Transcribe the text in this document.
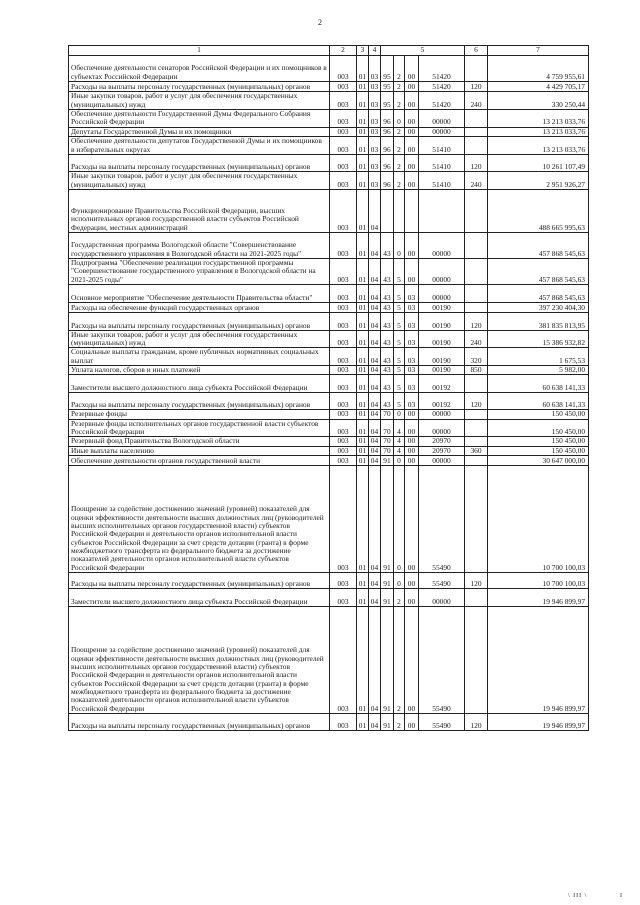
2
1	2	3	4	5				6	7
Обеспечение деятельности сенаторов Российской Федерации и их помощников в субъектах Российской Федерации	003	01	03	95	2	00	51420		4 759 955,61
Расходы на выплаты персоналу государственных (муниципальных) органов	003	01	03	95	2	00	51420	120	4 429 705,17
Иные закупки товаров, работ и услуг для обеспечения государственных (муниципальных) нужд	003	01	03	95	2	00	51420	240	330 250,44
Обеспечение деятельности Государственной Думы Федерального Собрания Российской Федерации	003	01	03	96	0	00	00000		13 213 033,76
Депутаты Государственной Думы и их помощники	003	01	03	96	2	00	00000		13 213 033,76
Обеспечение деятельности депутатов Государственной Думы и их помощников в избирательных округах	003	01	03	96	2	00	51410		13 213 033,76
Расходы на выплаты персоналу государственных (муниципальных) органов	003	01	03	96	2	00	51410	120	10 261 107,49
Иные закупки товаров, работ и услуг для обеспечения государственных (муниципальных) нужд	003	01	03	96	2	00	51410	240	2 951 926,27
Функционирование Правительства Российской Федерации, высших исполнительных органов государственной власти субъектов Российской Федерации, местных администраций	003	01	04						488 665 995,63
Государственная программа Вологодской области "Совершенствование государственного управления в Вологодской области на 2021-2025 годы"	003	01	04	43	0	00	00000		457 868 545,63
Подпрограмма "Обеспечение реализации государственной программы "Совершенствование государственного управления в Вологодской области на 2021-2025 годы"	003	01	04	43	5	00	00000		457 868 545,63
Основное мероприятие "Обеспечение деятельности Правительства области"	003	01	04	43	5	03	00000		457 868 545,63
Расходы на обеспечение функций государственных органов	003	01	04	43	5	03	00190		397 230 404,30
Расходы на выплаты персоналу государственных (муниципальных) органов	003	01	04	43	5	03	00190	120	381 835 813,95
Иные закупки товаров, работ и услуг для обеспечения государственных (муниципальных) нужд	003	01	04	43	5	03	00190	240	15 386 932,82
Социальные выплаты гражданам, кроме публичных нормативных социальных выплат	003	01	04	43	5	03	00190	320	1 675,53
Уплата налогов, сборов и иных платежей	003	01	04	43	5	03	00190	850	5 982,00
Заместители высшего должностного лица субъекта Российской Федерации	003	01	04	43	5	03	00192		60 638 141,33
Расходы на выплаты персоналу государственных (муниципальных) органов	003	01	04	43	5	03	00192	120	60 638 141,33
Резервные фонды	003	01	04	70	0	00	00000		150 450,00
Резервные фонды исполнительных органов государственной власти субъектов Российской Федерации	003	01	04	70	4	00	00000		150 450,00
Резервный фонд Правительства Вологодской области	003	01	04	70	4	00	20970		150 450,00
Иные выплаты населению	003	01	04	70	4	00	20970	360	150 450,00
Обеспечение деятельности органов государственной власти	003	01	04	91	0	00	00000		30 647 000,00
Поощрение за содействие достижению значений (уровней) показателей для оценки эффективности деятельности высших должностных лиц (руководителей высших исполнительных органов государственной власти) субъектов Российской Федерации и деятельности органов исполнительной власти субъектов Российской Федерации за счет средств дотации (гранта) в форме межбюджетного трансферта из федерального бюджета за достижение показателей деятельности органов исполнительной власти субъектов Российской Федерации	003	01	04	91	0	00	55490		10 700 100,03
Расходы на выплаты персоналу государственных (муниципальных) органов	003	01	04	91	0	00	55490	120	10 700 100,03
Заместители высшего должностного лица субъекта Российской Федерации	003	01	04	91	2	00	00000		19 946 899,97
Поощрение за содействие достижению значений (уровней) показателей для оценки эффективности деятельности высших должностных лиц (руководителей высших исполнительных органов государственной власти) субъектов Российской Федерации и деятельности органов исполнительной власти субъектов Российской Федерации за счет средств дотации (гранта) в форме межбюджетного трансферта из федерального бюджета за достижение показателей деятельности органов исполнительной власти субъектов Российской Федерации	003	01	04	91	2	00	55490		19 946 899,97
Расходы на выплаты персоналу государственных (муниципальных) органов	003	01	04	91	2	00	55490	120	19 946 899,97
\ III \	I
